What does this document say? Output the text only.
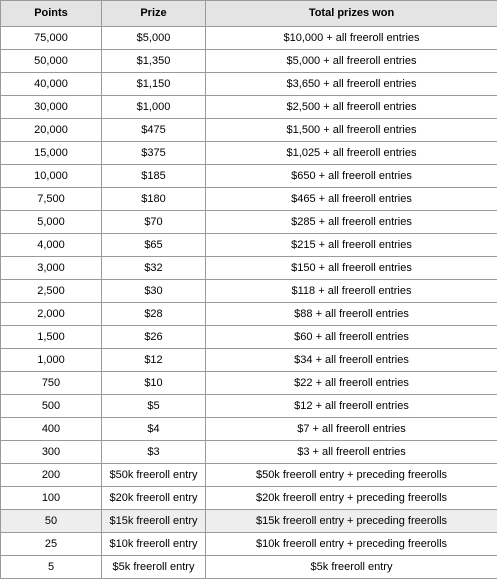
Points	Prize	Total prizes won
75,000	$5,000	$10,000 + all freeroll entries
50,000	$1,350	$5,000 + all freeroll entries
40,000	$1,150	$3,650 + all freeroll entries
30,000	$1,000	$2,500 + all freeroll entries
20,000	$475	$1,500 + all freeroll entries
15,000	$375	$1,025 + all freeroll entries
10,000	$185	$650 + all freeroll entries
7,500	$180	$465 + all freeroll entries
5,000	$70	$285 + all freeroll entries
4,000	$65	$215 + all freeroll entries
3,000	$32	$150 + all freeroll entries
2,500	$30	$118 + all freeroll entries
2,000	$28	$88 + all freeroll entries
1,500	$26	$60 + all freeroll entries
1,000	$12	$34 + all freeroll entries
750	$10	$22 + all freeroll entries
500	$5	$12 + all freeroll entries
400	$4	$7 + all freeroll entries
300	$3	$3 + all freeroll entries
200	$50k freeroll entry	$50k freeroll entry + preceding freerolls
100	$20k freeroll entry	$20k freeroll entry + preceding freerolls
50	$15k freeroll entry	$15k freeroll entry + preceding freerolls
25	$10k freeroll entry	$10k freeroll entry + preceding freerolls
5	$5k freeroll entry	$5k freeroll entry
